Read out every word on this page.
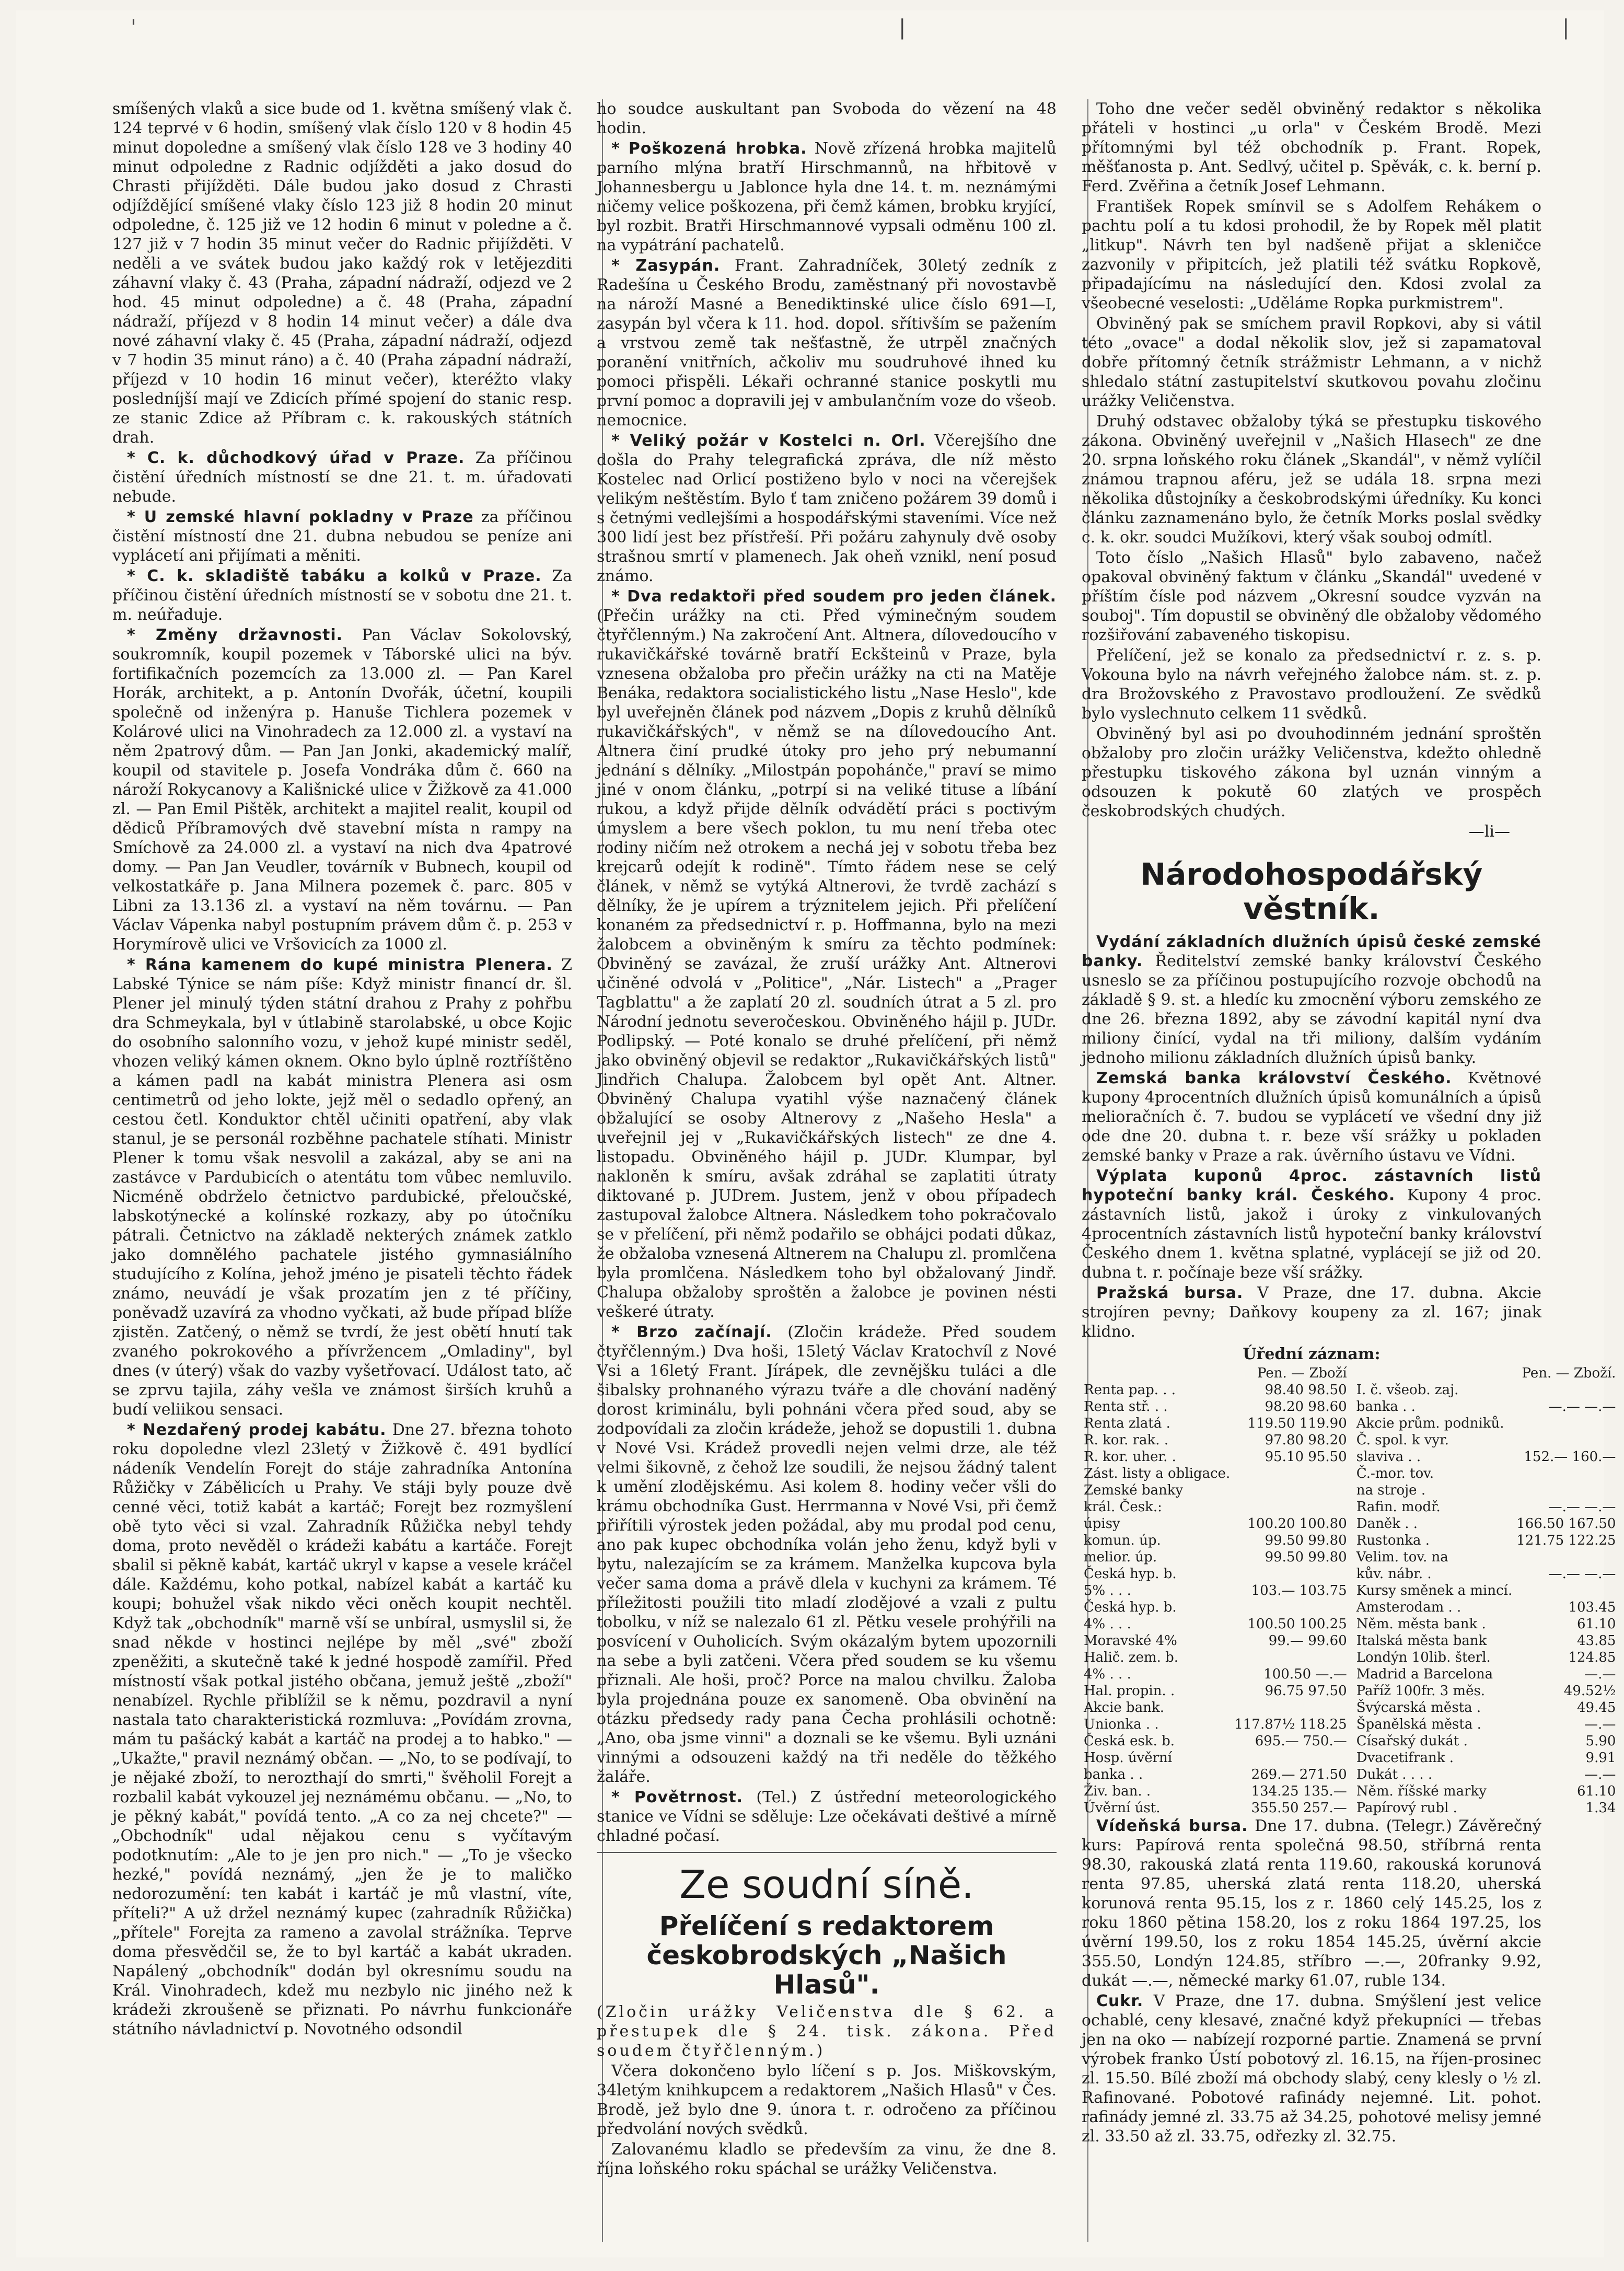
'	|	|

smíšených vlaků a sice bude od 1. května smíšený vlak č. 124 teprvé v 6 hodin, smíšený vlak číslo 120 v 8 hodin 45 minut dopoledne a smíšený vlak číslo 128 ve 3 hodiny 40 minut odpoledne z Radnic odjížděti a jako dosud do Chrasti přijížděti. Dále budou jako dosud z Chrasti odjíždějící smíšené vlaky číslo 123 již 8 hodin 20 minut odpoledne, č. 125 již ve 12 hodin 6 minut v poledne a č. 127 již v 7 hodin 35 minut večer do Radnic přijížděti. V neděli a ve svátek budou jako každý rok v letějezditi záhavní vlaky č. 43 (Praha, západní nádraží, odjezd ve 2 hod. 45 minut odpoledne) a č. 48 (Praha, západní nádraží, příjezd v 8 hodin 14 minut večer) a dále dva nové záhavní vlaky č. 45 (Praha, západní nádraží, odjezd v 7 hodin 35 minut ráno) a č. 40 (Praha západní nádraží, příjezd v 10 hodin 16 minut večer), kteréžto vlaky posledníjší mají ve Zdicích přímé spojení do stanic resp. ze stanic Zdice až Příbram c. k. rakouských státních drah.

* C. k. důchodkový úřad v Praze. Za příčinou čistění úředních místností se dne 21. t. m. úřadovati nebude.

* U zemské hlavní pokladny v Praze za příčinou čistění místností dne 21. dubna nebudou se peníze ani vyplácetí ani přijímati a měniti.

* C. k. skladiště tabáku a kolků v Praze. Za příčinou čistění úředních místností se v sobotu dne 21. t. m. neúřaduje.

* Změny državnosti. Pan Václav Sokolovský, soukromník, koupil pozemek v Táborské ulici na býv. fortifikačních pozemcích za 13.000 zl. — Pan Karel Horák, architekt, a p. Antonín Dvořák, účetní, koupili společně od inženýra p. Hanuše Tichlera pozemek v Kolárové ulici na Vinohradech za 12.000 zl. a vystaví na něm 2patrový dům. — Pan Jan Jonki, akademický malíř, koupil od stavitele p. Josefa Vondráka dům č. 660 na nároží Rokycanovy a Kališnické ulice v Žižkově za 41.000 zl. — Pan Emil Pištěk, architekt a majitel realit, koupil od dědiců Příbramových dvě stavební místa n rampy na Smíchově za 24.000 zl. a vystaví na nich dva 4patrové domy. — Pan Jan Veudler, továrník v Bubnech, koupil od velkostatkáře p. Jana Milnera pozemek č. parc. 805 v Libni za 13.136 zl. a vystaví na něm továrnu. — Pan Václav Vápenka nabyl postupním právem dům č. p. 253 v Horymírově ulici ve Vršovicích za 1000 zl.

* Rána kamenem do kupé ministra Plenera. Z Labské Týnice se nám píše: Když ministr financí dr. šl. Plener jel minulý týden státní drahou z Prahy z pohřbu dra Schmeykala, byl v útlabině starolabské, u obce Kojic do osobního salonního vozu, v jehož kupé ministr seděl, vhozen veliký kámen oknem. Okno bylo úplně roztříštěno a kámen padl na kabát ministra Plenera asi osm centimetrů od jeho lokte, jejž měl o sedadlo opřený, an cestou četl. Konduktor chtěl učiniti opatření, aby vlak stanul, je se personál rozběhne pachatele stíhati. Ministr Plener k tomu však nesvolil a zakázal, aby se ani na zastávce v Pardubicích o atentátu tom vůbec nemluvilo. Nicméně obdrželo četnictvo pardubické, přeloučské, labskotýnecké a kolínské rozkazy, aby po útočníku pátrali. Četnictvo na základě nekterých známek zatklo jako domnělého pachatele jistého gymnasiálního studujícího z Kolína, jehož jméno je pisateli těchto řádek známo, neuvádí je však prozatím jen z té příčiny, poněvadž uzavírá za vhodno vyčkati, až bude případ blíže zjistěn. Zatčený, o němž se tvrdí, že jest obětí hnutí tak zvaného pokrokového a přívržencem „Omladiny", byl dnes (v úterý) však do vazby vyšetřovací. Událost tato, ač se zprvu tajila, záhy vešla ve známost širších kruhů a budí veliikou sensaci.

* Nezdařený prodej kabátu. Dne 27. března tohoto roku dopoledne vlezl 23letý v Žižkově č. 491 bydlící nádeník Vendelín Forejt do stáje zahradníka Antonína Růžičky v Zábělicích u Prahy. Ve stáji byly pouze dvě cenné věci, totiž kabát a kartáč; Forejt bez rozmyšlení obě tyto věci si vzal. Zahradník Růžička nebyl tehdy doma, proto nevěděl o krádeži kabátu a kartáče. Forejt sbalil si pěkně kabát, kartáč ukryl v kapse a vesele kráčel dále. Každému, koho potkal, nabízel kabát a kartáč ku koupi; bohužel však nikdo věci oněch koupit nechtěl. Když tak „obchodník" marně vší se unbíral, usmyslil si, že snad někde v hostinci nejlépe by měl „své" zboží zpeněžiti, a skutečně také k jedné hospodě zamířil. Před místností však potkal jistého občana, jemuž ještě „zboží" nenabízel. Rychle přiblížil se k němu, pozdravil a nyní nastala tato charakteristická rozmluva: „Povídám zrovna, mám tu pašácký kabát a kartáč na prodej a to habko." — „Ukažte," pravil neznámý občan. — „No, to se podívají, to je nějaké zboží, to nerozthají do smrti," švěholil Forejt a rozbalil kabát vykouzel jej neznámému občanu. — „No, to je pěkný kabát," povídá tento. „A co za nej chcete?" — „Obchodník" udal nějakou cenu s vyčítavým podotknutím: „Ale to je jen pro nich." — „To je všecko hezké," povídá neznámý, „jen že je to maličko nedorozumění: ten kabát i kartáč je mů vlastní, víte, příteli?" A už držel neznámý kupec (zahradník Růžička) „přítele" Forejta za rameno a zavolal strážníka. Teprve doma přesvědčil se, že to byl kartáč a kabát ukraden. Napálený „obchodník" dodán byl okresnímu soudu na Král. Vinohradech, kdež mu nezbylo nic jiného než k krádeži zkroušeně se přiznati. Po návrhu funkcionáře státního návladnictví p. Novotného odsondil

ho soudce auskultant pan Svoboda do vězení na 48 hodin.

* Poškozená hrobka. Nově zřízená hrobka majitelů parního mlýna bratří Hirschmannů, na hřbitově v Johannesbergu u Jablonce hyla dne 14. t. m. neznámými ničemy velice poškozena, při čemž kámen, brobku kryjící, byl rozbit. Bratři Hirschmannové vypsali odměnu 100 zl. na vypátrání pachatelů.

* Zasypán. Frant. Zahradníček, 30letý zedník z Radešína u Českého Brodu, zaměstnaný při novostavbě na nároží Masné a Benediktinské ulice číslo 691—I, zasypán byl včera k 11. hod. dopol. sřítivším se pažením a vrstvou země tak nešťastně, že utrpěl značných poranění vnitřních, ačkoliv mu soudruhové ihned ku pomoci přispěli. Lékaři ochranné stanice poskytli mu první pomoc a dopravili jej v ambulančním voze do všeob. nemocnice.

* Veliký požár v Kostelci n. Orl. Včerejšího dne došla do Prahy telegrafická zpráva, dle níž město Kostelec nad Orlicí postiženo bylo v noci na včerejšek velikým neštěstím. Bylo ť tam zničeno požárem 39 domů i s četnými vedlejšími a hospodářskými staveními. Více než 300 lidí jest bez přístřeší. Při požáru zahynuly dvě osoby strašnou smrtí v plamenech. Jak oheň vznikl, není posud známo.

* Dva redaktoři před soudem pro jeden článek. (Přečin urážky na cti. Před výminečným soudem čtyřčlenným.) Na zakročení Ant. Altnera, dílovedoucího v rukavičkářské továrně bratří Eckšteinů v Praze, byla vznesena obžaloba pro přečin urážky na cti na Matěje Benáka, redaktora socialistického listu „Nase Heslo", kde byl uveřejněn článek pod názvem „Dopis z kruhů dělníků rukavičkářských", v němž se na dílovedoucího Ant. Altnera činí prudké útoky pro jeho prý nebumanní jednání s dělníky. „Milostpán popohánče," praví se mimo jiné v onom článku, „potrpí si na veliké tituse a líbání rukou, a když přijde dělník odvádětí práci s poctivým úmyslem a bere všech poklon, tu mu není třeba otec rodiny ničím než otrokem a nechá jej v sobotu třeba bez krejcarů odejít k rodině". Tímto řádem nese se celý článek, v němž se vytýká Altnerovi, že tvrdě zachází s dělníky, že je upírem a trýznitelem jejich. Při přelíčení konaném za předsednictví r. p. Hoffmanna, bylo na mezi žalobcem a obviněným k smíru za těchto podmínek: Obviněný se zavázal, že zruší urážky Ant. Altnerovi učiněné odvolá v „Politice", „Nár. Listech" a „Prager Tagblattu" a že zaplatí 20 zl. soudních útrat a 5 zl. pro Národní jednotu severočeskou. Obviněného hájil p. JUDr. Podlipský. — Poté konalo se druhé přelíčení, při němž jako obviněný objevil se redaktor „Rukavičkářských listů" Jindřich Chalupa. Žalobcem byl opět Ant. Altner. Obviněný Chalupa vyatihl výše naznačený článek obžalující se osoby Altnerovy z „Našeho Hesla" a uveřejnil jej v „Rukavičkářských listech" ze dne 4. listopadu. Obviněného hájil p. JUDr. Klumpar, byl nakloněn k smíru, avšak zdráhal se zaplatiti útraty diktované p. JUDrem. Justem, jenž v obou případech zastupoval žalobce Altnera. Následkem toho pokračovalo se v přelíčení, při němž podařilo se obhájci podati důkaz, že obžaloba vznesená Altnerem na Chalupu zl. promlčena byla promlčena. Následkem toho byl obžalovaný Jindř. Chalupa obžaloby sproštěn a žalobce je povinen nésti veškeré útraty.

* Brzo začínají. (Zločin krádeže. Před soudem čtyřčlenným.) Dva hoši, 15letý Václav Kratochvíl z Nové Vsi a 16letý Frant. Jírápek, dle zevnějšku tuláci a dle šibalsky prohnaného výrazu tváře a dle chování naděný dorost kriminálu, byli pohnáni včera před soud, aby se zodpovídali za zločin krádeže, jehož se dopustili 1. dubna v Nové Vsi. Krádež provedli nejen velmi drze, ale též velmi šikovně, z čehož lze soudili, že nejsou žádný talent k umění zlodějskému. Asi kolem 8. hodiny večer všli do krámu obchodníka Gust. Herrmanna v Nové Vsi, při čemž přiřítili výrostek jeden požádal, aby mu prodal pod cenu, ano pak kupec obchodníka volán jeho ženu, když byli v bytu, nalezajícím se za krámem. Manželka kupcova byla večer sama doma a právě dlela v kuchyni za krámem. Té příležitosti použili tito mladí zlodějové a vzali z pultu tobolku, v níž se nalezalo 61 zl. Pětku vesele prohýřili na posvícení v Ouholicích. Svým okázalým bytem upozornili na sebe a byli zatčeni. Včera před soudem se ku všemu přiznali. Ale hoši, proč? Porce na malou chvilku. Žaloba byla projednána pouze ex sanomeně. Oba obvinění na otázku předsedy rady pana Čecha prohlásili ochotně: „Ano, oba jsme vinni" a doznali se ke všemu. Byli uznáni vinnými a odsouzeni každý na tři neděle do těžkého žaláře.

* Povětrnost. (Tel.) Z ústřední meteorologického stanice ve Vídni se sděluje: Lze očekávati deštivé a mírně chladné počasí.

Ze soudní síně.
Přelíčení s redaktorem českobrodských „Našich Hlasů".

(Zločin urážky Veličenstva dle § 62. a přestupek dle § 24. tisk. zákona. Před soudem čtyřčlenným.)

Včera dokončeno bylo líčení s p. Jos. Miškovským, 34letým knihkupcem a redaktorem „Našich Hlasů" v Čes. Brodě, jež bylo dne 9. února t. r. odročeno za příčinou předvolání nových svědků.

Zalovanému kladlo se především za vinu, že dne 8. října loňského roku spáchal se urážky Veličenstva.

Toho dne večer seděl obviněný redaktor s několika přáteli v hostinci „u orla" v Českém Brodě. Mezi přítomnými byl též obchodník p. Frant. Ropek, měšťanosta p. Ant. Sedlvý, učitel p. Spěvák, c. k. berní p. Ferd. Zvěřina a četník Josef Lehmann.

František Ropek smínvil se s Adolfem Rehákem o pachtu polí a tu kdosi prohodil, že by Ropek měl platit „litkup". Návrh ten byl nadšeně přijat a skleničce zazvonily v připitcích, jež platili též svátku Ropkově, připadajícímu na následující den. Kdosi zvolal za všeobecné veselosti: „Uděláme Ropka purkmistrem".

Obviněný pak se smíchem pravil Ropkovi, aby si vátil této „ovace" a dodal několik slov, jež si zapamatoval dobře přítomný četník strážmistr Lehmann, a v nichž shledalo státní zastupitelství skutkovou povahu zločinu urážky Veličenstva.

Druhý odstavec obžaloby týká se přestupku tiskového zákona. Obviněný uveřejnil v „Našich Hlasech" ze dne 20. srpna loňského roku článek „Skandál", v němž vylíčil známou trapnou aféru, jež se udála 18. srpna mezi několika důstojníky a českobrodskými úředníky. Ku konci článku zaznamenáno bylo, že četník Morks poslal svědky c. k. okr. soudci Mužíkovi, který však souboj odmítl.

Toto číslo „Našich Hlasů" bylo zabaveno, načež opakoval obviněný faktum v článku „Skandál" uvedené v příštím čísle pod názvem „Okresní soudce vyzván na souboj". Tím dopustil se obviněný dle obžaloby vědomého rozšiřování zabaveného tiskopisu.

Přelíčení, jež se konalo za předsednictví r. z. s. p. Vokouna bylo na návrh veřejného žalobce nám. st. z. p. dra Brožovského z Pravostavo prodloužení. Ze svědků bylo vyslechnuto celkem 11 svědků.

Obviněný byl asi po dvouhodinném jednání sproštěn obžaloby pro zločin urážky Veličenstva, kdežto ohledně přestupku tiskového zákona byl uznán vinným a odsouzen k pokutě 60 zlatých ve prospěch českobrodských chudých.

—li—
Národohospodářský věstník.

Vydání základních dlužních úpisů české zemské banky. Ředitelství zemské banky království Českého usneslo se za příčinou postupujícího rozvoje obchodů na základě § 9. st. a hledíc ku zmocnění výboru zemského ze dne 26. března 1892, aby se závodní kapitál nyní dva miliony činící, vydal na tři miliony, dalším vydáním jednoho milionu základních dlužních úpisů banky.

Zemská banka království Českého. Květnové kupony 4procentních dlužních úpisů komunálních a úpisů melioračních č. 7. budou se vyplácetí ve všední dny již ode dne 20. dubna t. r. beze vší srážky u pokladen zemské banky v Praze a rak. úvěrního ústavu ve Vídni.

Výplata kuponů 4proc. zástavních listů hypoteční banky král. Českého. Kupony 4 proc. zástavních listů, jakož i úroky z vinkulovaných 4procentních zástavních listů hypoteční banky království Českého dnem 1. května splatné, vyplácejí se již od 20. dubna t. r. počínaje beze vší srážky.

Pražská bursa. V Praze, dne 17. dubna. Akcie strojíren pevny; Daňkovy koupeny za zl. 167; jinak klidno.

Úřední záznam:
	Pen. — Zboží
Renta pap. . .	98.40 98.50
Renta stř. . .	98.20 98.60
Renta zlatá .	119.50 119.90
R. kor. rak. .	97.80 98.20
R. kor. uher. .	95.10 95.50
Zást. listy a obligace.	
Zemské banky	
král. Česk.:	
úpisy	100.20 100.80
komun. úp.	99.50 99.80
melior. úp.	99.50 99.80
Česká hyp. b.	
5% . . .	103.— 103.75
Česká hyp. b.	
4% . . .	100.50 100.25
Moravské 4%	99.— 99.60
Halič. zem. b.	
4% . . .	100.50 —.—
Hal. propin. .	96.75 97.50
Akcie bank.	
Unionka . .	117.87½ 118.25
Česká esk. b.	695.— 750.—
Hosp. úvěrní	
banka . .	269.— 271.50
Živ. ban. .	134.25 135.—
Úvěrní úst.	355.50 257.—
	Pen. — Zboží.
I. č. všeob. zaj.	
banka . .	—.— —.—
Akcie prům. podniků.	
Č. spol. k vyr.	
slaviva . .	152.— 160.—
Č.-mor. tov.	
na stroje .	
Rafin. modř.	—.— —.—
Daněk . .	166.50 167.50
Rustonka .	121.75 122.25
Velim. tov. na	
kův. nábr. .	—.— —.—
Kursy směnek a mincí.	
Amsterodam . .	103.45
Něm. města bank .	61.10
Italská města bank	43.85
Londýn 10lib. šterl.	124.85
Madrid a Barcelona	—.—
Paříž 100fr. 3 měs.	49.52½
Švýcarská města .	49.45
Španělská města .	—.—
Císařský dukát .	5.90
Dvacetifrank .	9.91
Dukát . . . .	—.—
Něm. říšské marky	61.10
Papírový rubl .	1.34

Vídeňská bursa. Dne 17. dubna. (Telegr.) Závěrečný kurs: Papírová renta společná 98.50, stříbrná renta 98.30, rakouská zlatá renta 119.60, rakouská korunová renta 97.85, uherská zlatá renta 118.20, uherská korunová renta 95.15, los z r. 1860 celý 145.25, los z roku 1860 pětina 158.20, los z roku 1864 197.25, los úvěrní 199.50, los z roku 1854 145.25, úvěrní akcie 355.50, Londýn 124.85, stříbro —.—, 20franky 9.92, dukát —.—, německé marky 61.07, ruble 134.

Cukr. V Praze, dne 17. dubna. Smýšlení jest velice ochablé, ceny klesavé, značné když překupníci — třebas jen na oko — nabízejí rozporné partie. Znamená se první výrobek franko Ústí pobotový zl. 16.15, na říjen-prosinec zl. 15.50. Bílé zboží má obchody slabý, ceny klesly o ½ zl. Rafinované. Pobotové rafinády nejemné. Lit. pohot. rafinády jemné zl. 33.75 až 34.25, pohotové melisy jemné zl. 33.50 až zl. 33.75, odřezky zl. 32.75.
